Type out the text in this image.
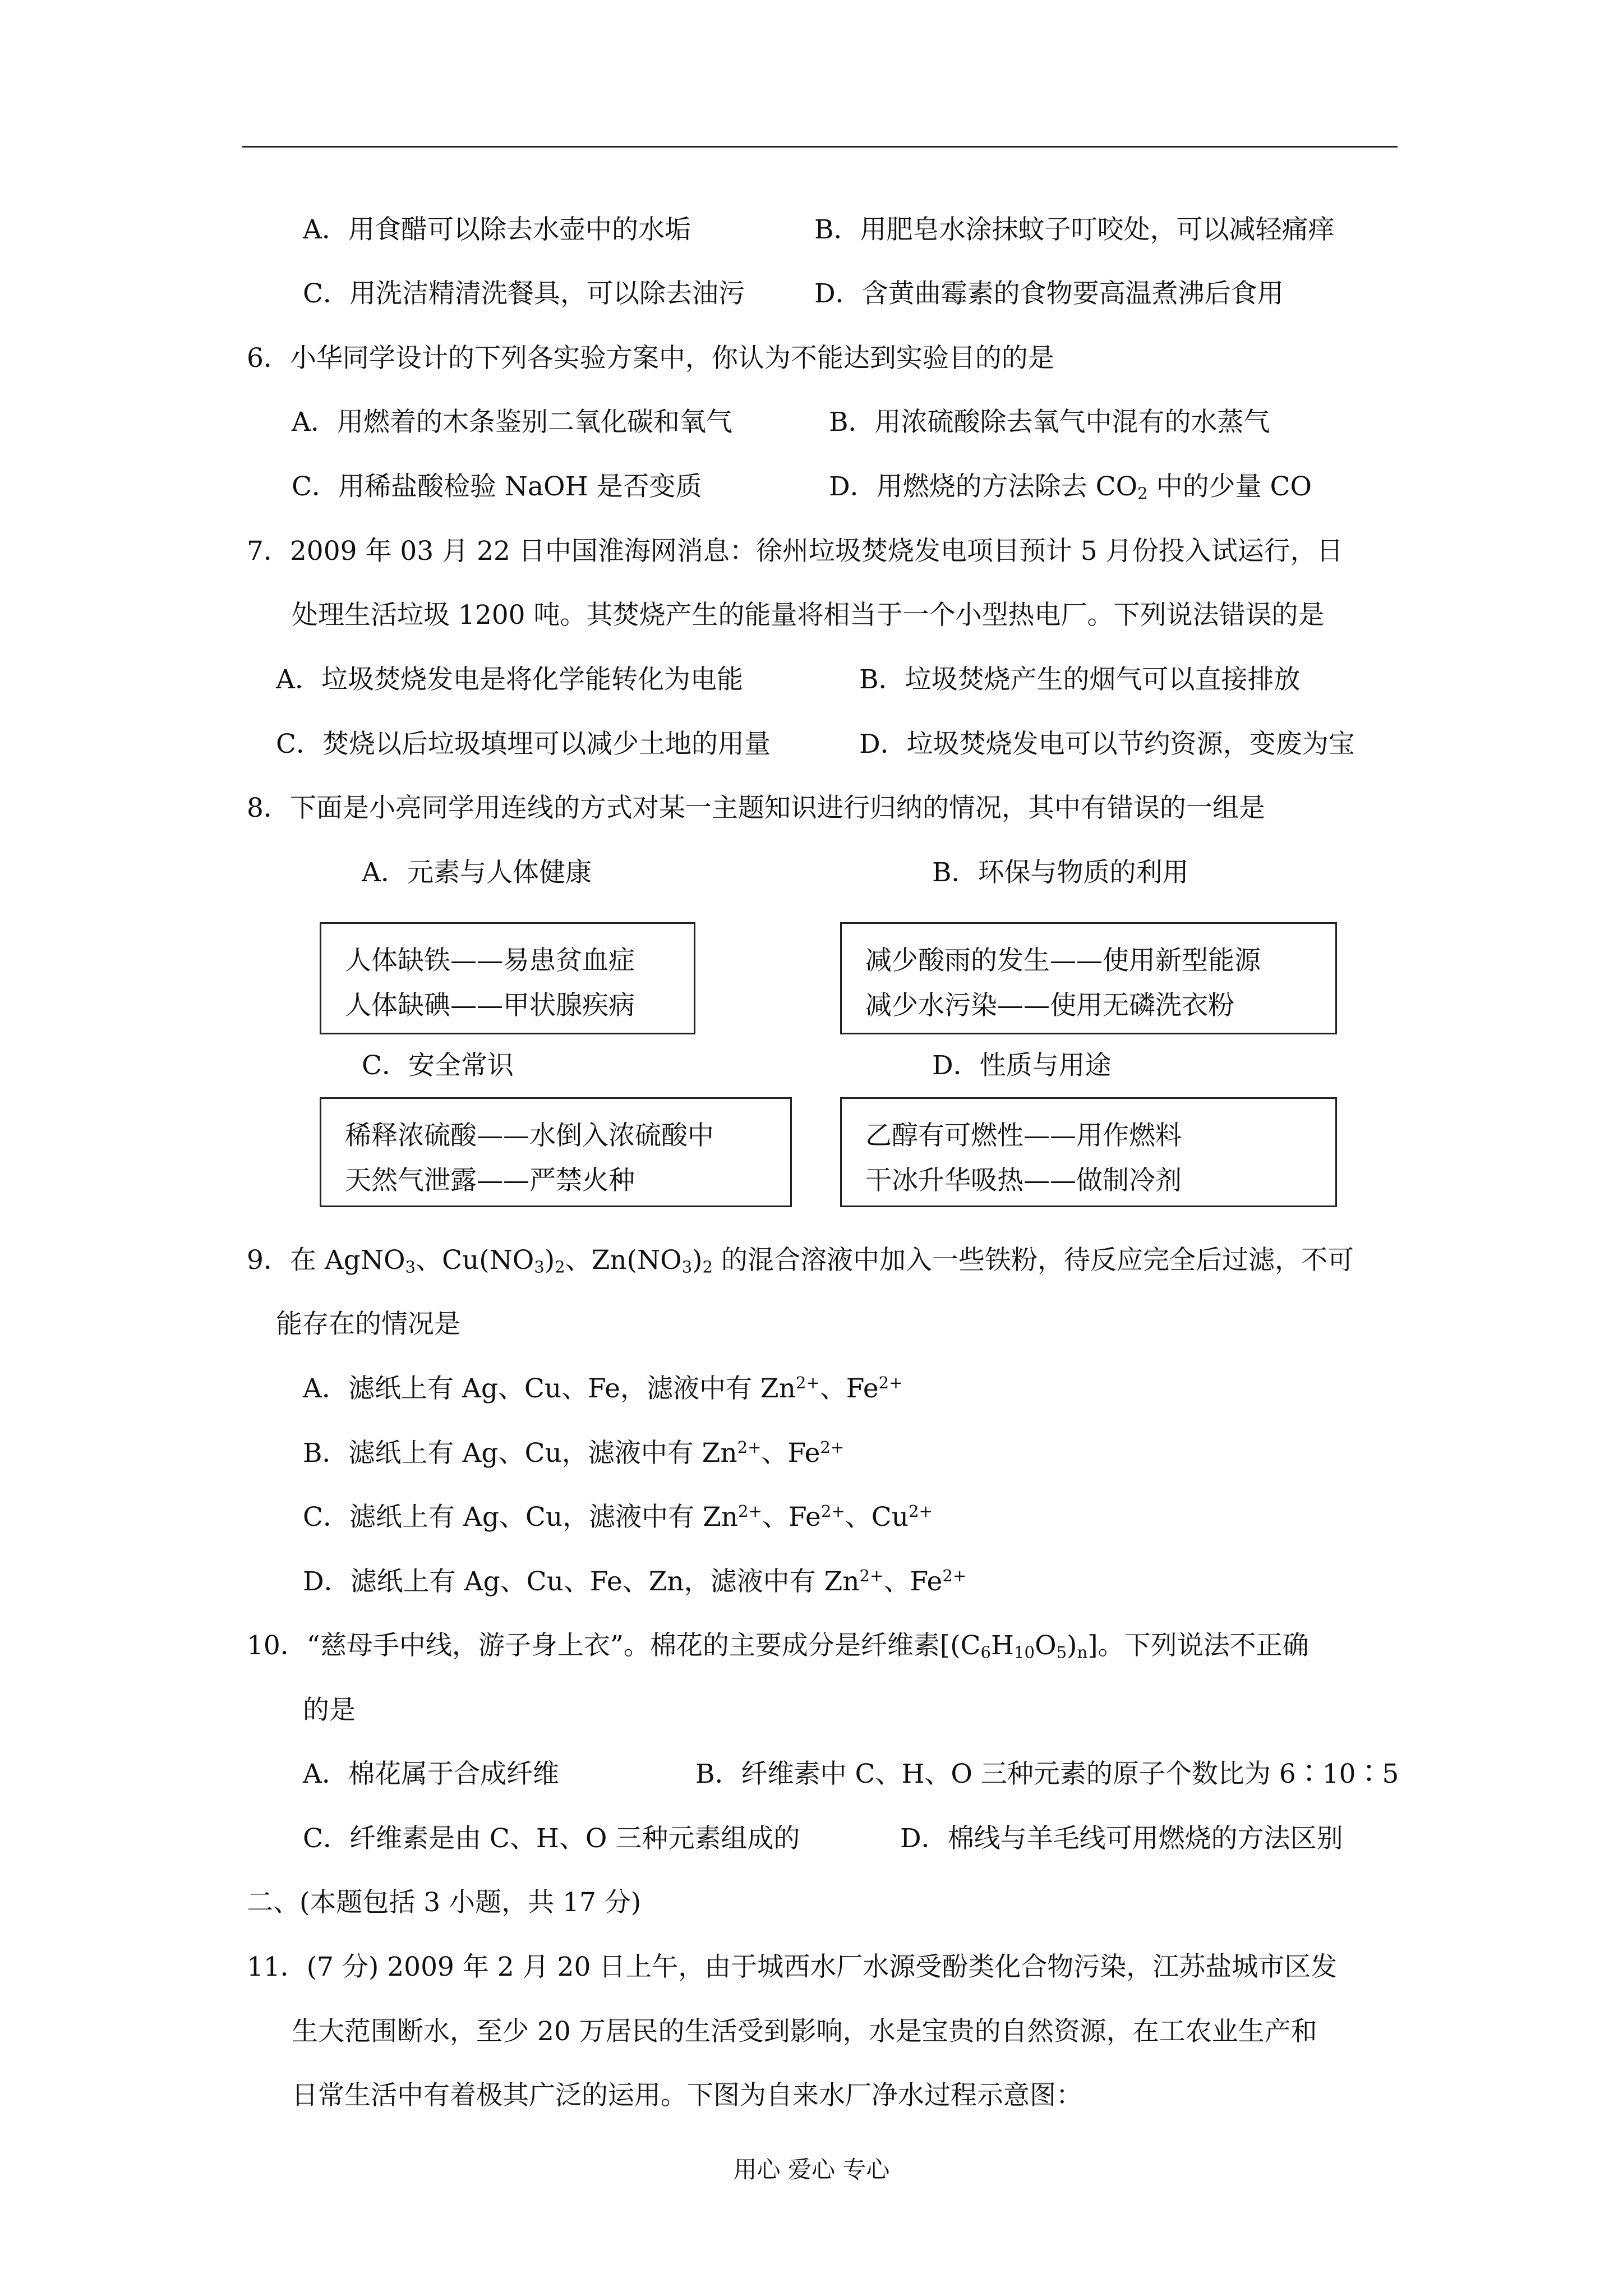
A．用食醋可以除去水壶中的水垢	B．用肥皂水涂抹蚊子叮咬处，可以减轻痛痒
C．用洗洁精清洗餐具，可以除去油污	D．含黄曲霉素的食物要高温煮沸后食用
6．小华同学设计的下列各实验方案中，你认为不能达到实验目的的是
A．用燃着的木条鉴别二氧化碳和氧气	B．用浓硫酸除去氧气中混有的水蒸气
C．用稀盐酸检验 NaOH 是否变质	D．用燃烧的方法除去 $CO_2$ 中的少量 CO
7．2009 年 03 月 22 日中国淮海网消息：徐州垃圾焚烧发电项目预计 5 月份投入试运行，日
处理生活垃圾 1200 吨。其焚烧产生的能量将相当于一个小型热电厂。下列说法错误的是
A．垃圾焚烧发电是将化学能转化为电能	B．垃圾焚烧产生的烟气可以直接排放
C．焚烧以后垃圾填埋可以减少土地的用量	D．垃圾焚烧发电可以节约资源，变废为宝
8．下面是小亮同学用连线的方式对某一主题知识进行归纳的情况，其中有错误的一组是
A．元素与人体健康	B．环保与物质的利用
人体缺铁——易患贫血症
人体缺碘——甲状腺疾病
减少酸雨的发生——使用新型能源
减少水污染——使用无磷洗衣粉
C．安全常识	D．性质与用途
稀释浓硫酸——水倒入浓硫酸中
天然气泄露——严禁火种
乙醇有可燃性——用作燃料
干冰升华吸热——做制冷剂
9．在 AgNO$_3$、$Cu(NO_3)_2$、$Zn(NO_3)_2$ 的混合溶液中加入一些铁粉，待反应完全后过滤，不可
能存在的情况是
A．滤纸上有 Ag、Cu、Fe，滤液中有 $Zn^{2+}$、$Fe^{2+}$
B．滤纸上有 Ag、Cu，滤液中有 $Zn^{2+}$、$Fe^{2+}$
C．滤纸上有 Ag、Cu，滤液中有 $Zn^{2+}$、$Fe^{2+}$、$Cu^{2+}$
D．滤纸上有 Ag、Cu、Fe、Zn，滤液中有 $Zn^{2+}$、$Fe^{2+}$
10．“慈母手中线，游子身上衣”。棉花的主要成分是纤维素$[(C_6H_{10}O_5)_n]$。下列说法不正确
的是
A．棉花属于合成纤维	B．纤维素中 C、H、O 三种元素的原子个数比为 6∶10∶5
C．纤维素是由 C、H、O 三种元素组成的	D．棉线与羊毛线可用燃烧的方法区别
二、(本题包括 3 小题，共 17 分)
11．(7 分) 2009 年 2 月 20 日上午，由于城西水厂水源受酚类化合物污染，江苏盐城市区发
生大范围断水，至少 20 万居民的生活受到影响，水是宝贵的自然资源，在工农业生产和
日常生活中有着极其广泛的运用。下图为自来水厂净水过程示意图：
用心 爱心 专心
